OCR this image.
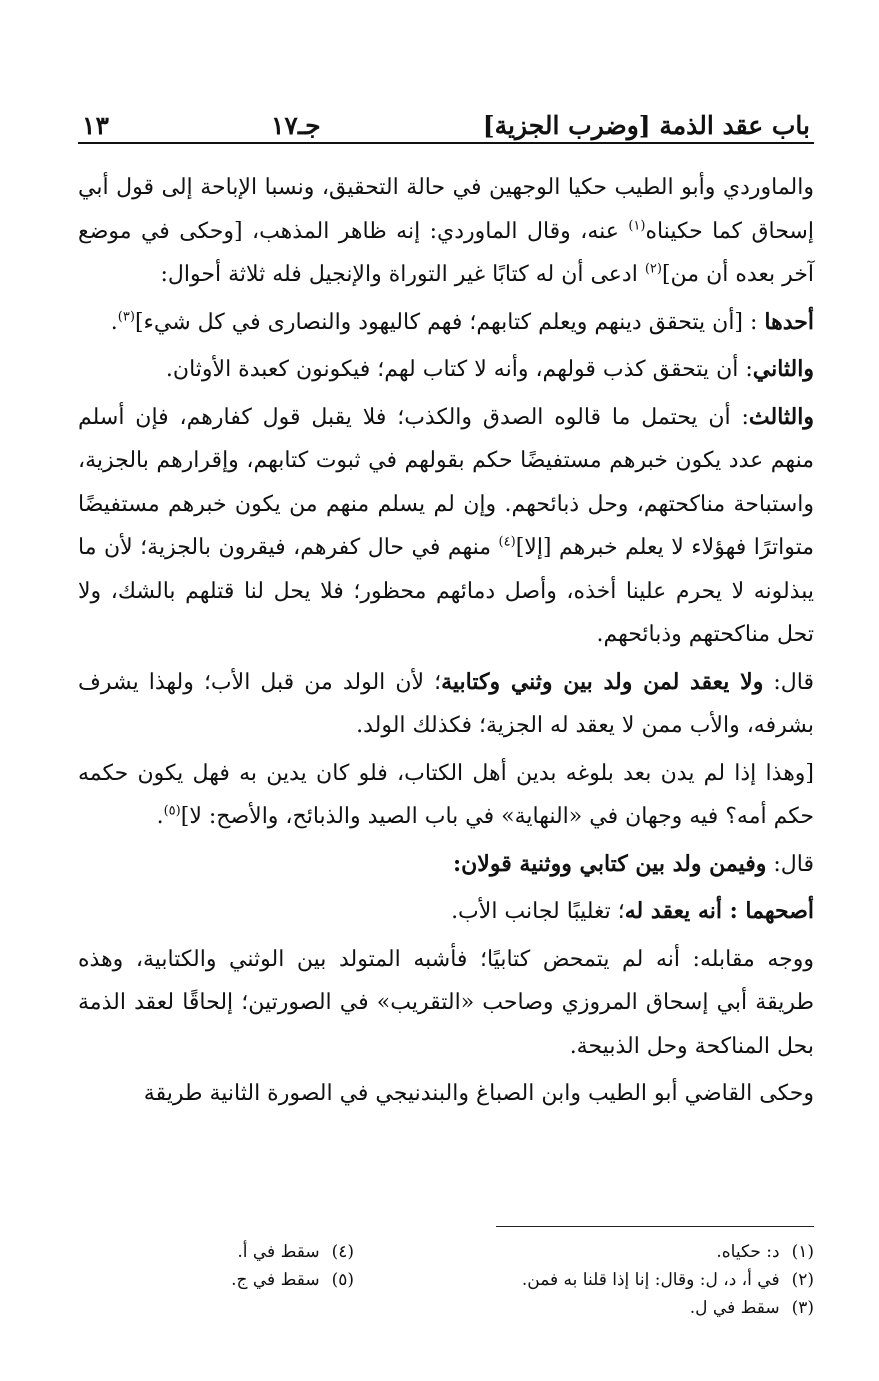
باب عقد الذمة [وضرب الجزية]
جـ١٧
١٣

والماوردي وأبو الطيب حكيا الوجهين في حالة التحقيق، ونسبا الإباحة إلى قول أبي إسحاق كما حكيناه$^{(١)}$ عنه، وقال الماوردي: إنه ظاهر المذهب، [وحكى في موضع آخر بعده أن من]$^{(٢)}$ ادعى أن له كتابًا غير التوراة والإنجيل فله ثلاثة أحوال:

أحدها : [أن يتحقق دينهم ويعلم كتابهم؛ فهم كاليهود والنصارى في كل شيء]$^{(٣)}$.

والثاني: أن يتحقق كذب قولهم، وأنه لا كتاب لهم؛ فيكونون كعبدة الأوثان.

والثالث: أن يحتمل ما قالوه الصدق والكذب؛ فلا يقبل قول كفارهم، فإن أسلم منهم عدد يكون خبرهم مستفيضًا حكم بقولهم في ثبوت كتابهم، وإقرارهم بالجزية، واستباحة مناكحتهم، وحل ذبائحهم. وإن لم يسلم منهم من يكون خبرهم مستفيضًا متواترًا فهؤلاء لا يعلم خبرهم [إلا]$^{(٤)}$ منهم في حال كفرهم، فيقرون بالجزية؛ لأن ما يبذلونه لا يحرم علينا أخذه، وأصل دمائهم محظور؛ فلا يحل لنا قتلهم بالشك، ولا تحل مناكحتهم وذبائحهم.

قال: ولا يعقد لمن ولد بين وثني وكتابية؛ لأن الولد من قبل الأب؛ ولهذا يشرف بشرفه، والأب ممن لا يعقد له الجزية؛ فكذلك الولد.

[وهذا إذا لم يدن بعد بلوغه بدين أهل الكتاب، فلو كان يدين به فهل يكون حكمه حكم أمه؟ فيه وجهان في «النهاية» في باب الصيد والذبائح، والأصح: لا]$^{(٥)}$.

قال: وفيمن ولد بين كتابي ووثنية قولان:

أصحهما : أنه يعقد له؛ تغليبًا لجانب الأب.

ووجه مقابله: أنه لم يتمحض كتابيًا؛ فأشبه المتولد بين الوثني والكتابية، وهذه طريقة أبي إسحاق المروزي وصاحب «التقريب» في الصورتين؛ إلحاقًا لعقد الذمة بحل المناكحة وحل الذبيحة.

وحكى القاضي أبو الطيب وابن الصباغ والبندنيجي في الصورة الثانية طريقة

(١)
د: حكياه.
(٢)
في أ، د، ل: وقال: إنا إذا قلنا به فمن.
(٣)
سقط في ل.
(٤)
سقط في أ.
(٥)
سقط في ج.
